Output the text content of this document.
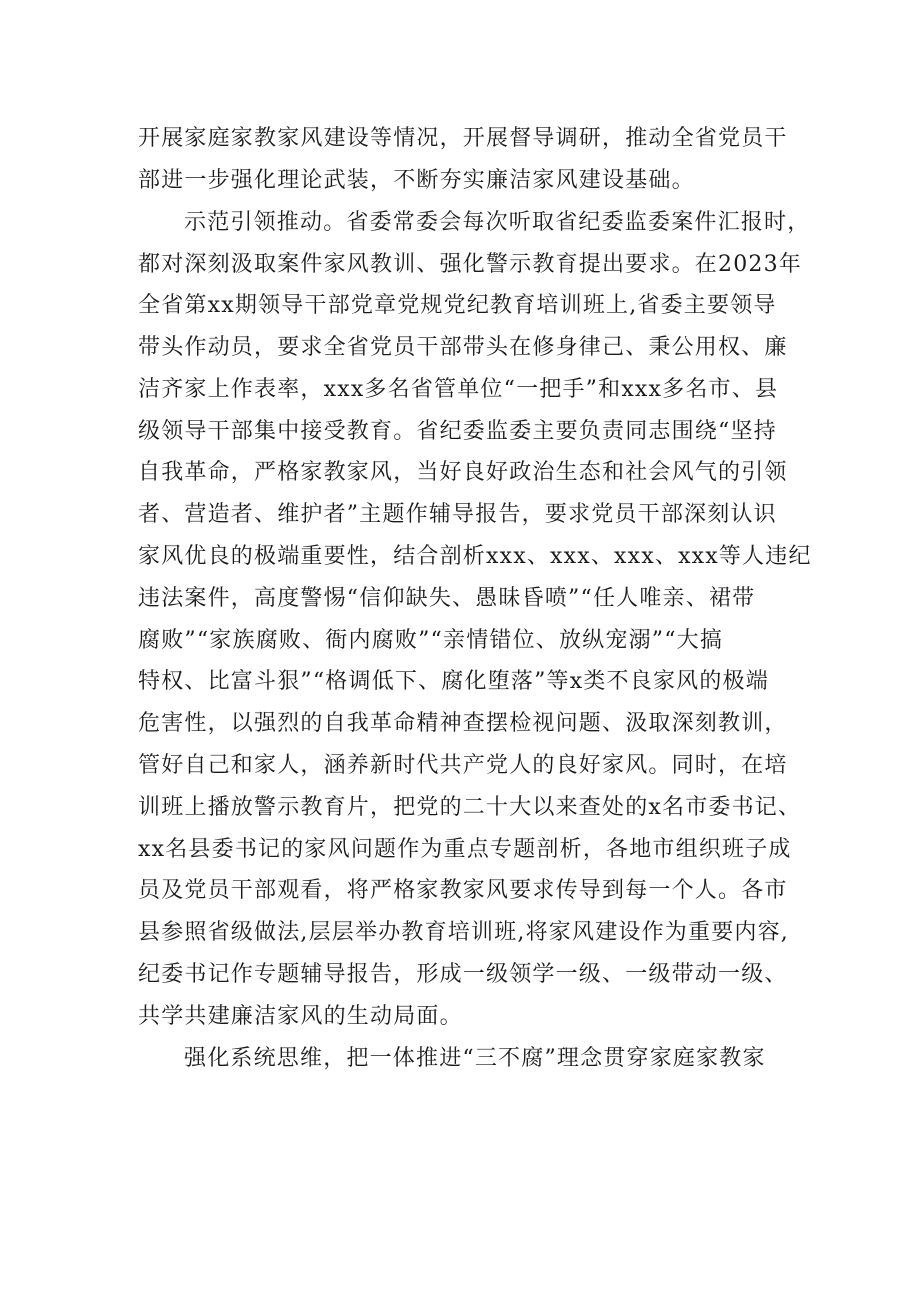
开展家庭家教家风建设等情况，开展督导调研，推动全省党员干
部进一步强化理论武装，不断夯实廉洁家风建设基础。
示范引领推动。省委常委会每次听取省纪委监委案件汇报时，
都对深刻汲取案件家风教训、强化警示教育提出要求。在2023年
全省第xx期领导干部党章党规党纪教育培训班上,省委主要领导
带头作动员，要求全省党员干部带头在修身律己、秉公用权、廉
洁齐家上作表率，xxx多名省管单位“一把手”和xxx多名市、县
级领导干部集中接受教育。省纪委监委主要负责同志围绕“坚持
自我革命，严格家教家风，当好良好政治生态和社会风气的引领
者、营造者、维护者”主题作辅导报告，要求党员干部深刻认识
家风优良的极端重要性，结合剖析xxx、xxx、xxx、xxx等人违纪
违法案件，高度警惕“信仰缺失、愚昧昏喷”“任人唯亲、裙带
腐败”“家族腐败、衙内腐败”“亲情错位、放纵宠溺”“大搞
特权、比富斗狠”“格调低下、腐化堕落”等x类不良家风的极端
危害性，以强烈的自我革命精神查摆检视问题、汲取深刻教训，
管好自己和家人，涵养新时代共产党人的良好家风。同时，在培
训班上播放警示教育片，把党的二十大以来查处的x名市委书记、
xx名县委书记的家风问题作为重点专题剖析，各地市组织班子成
员及党员干部观看，将严格家教家风要求传导到每一个人。各市
县参照省级做法,层层举办教育培训班,将家风建设作为重要内容,
纪委书记作专题辅导报告，形成一级领学一级、一级带动一级、
共学共建廉洁家风的生动局面。
强化系统思维，把一体推进“三不腐”理念贯穿家庭家教家
